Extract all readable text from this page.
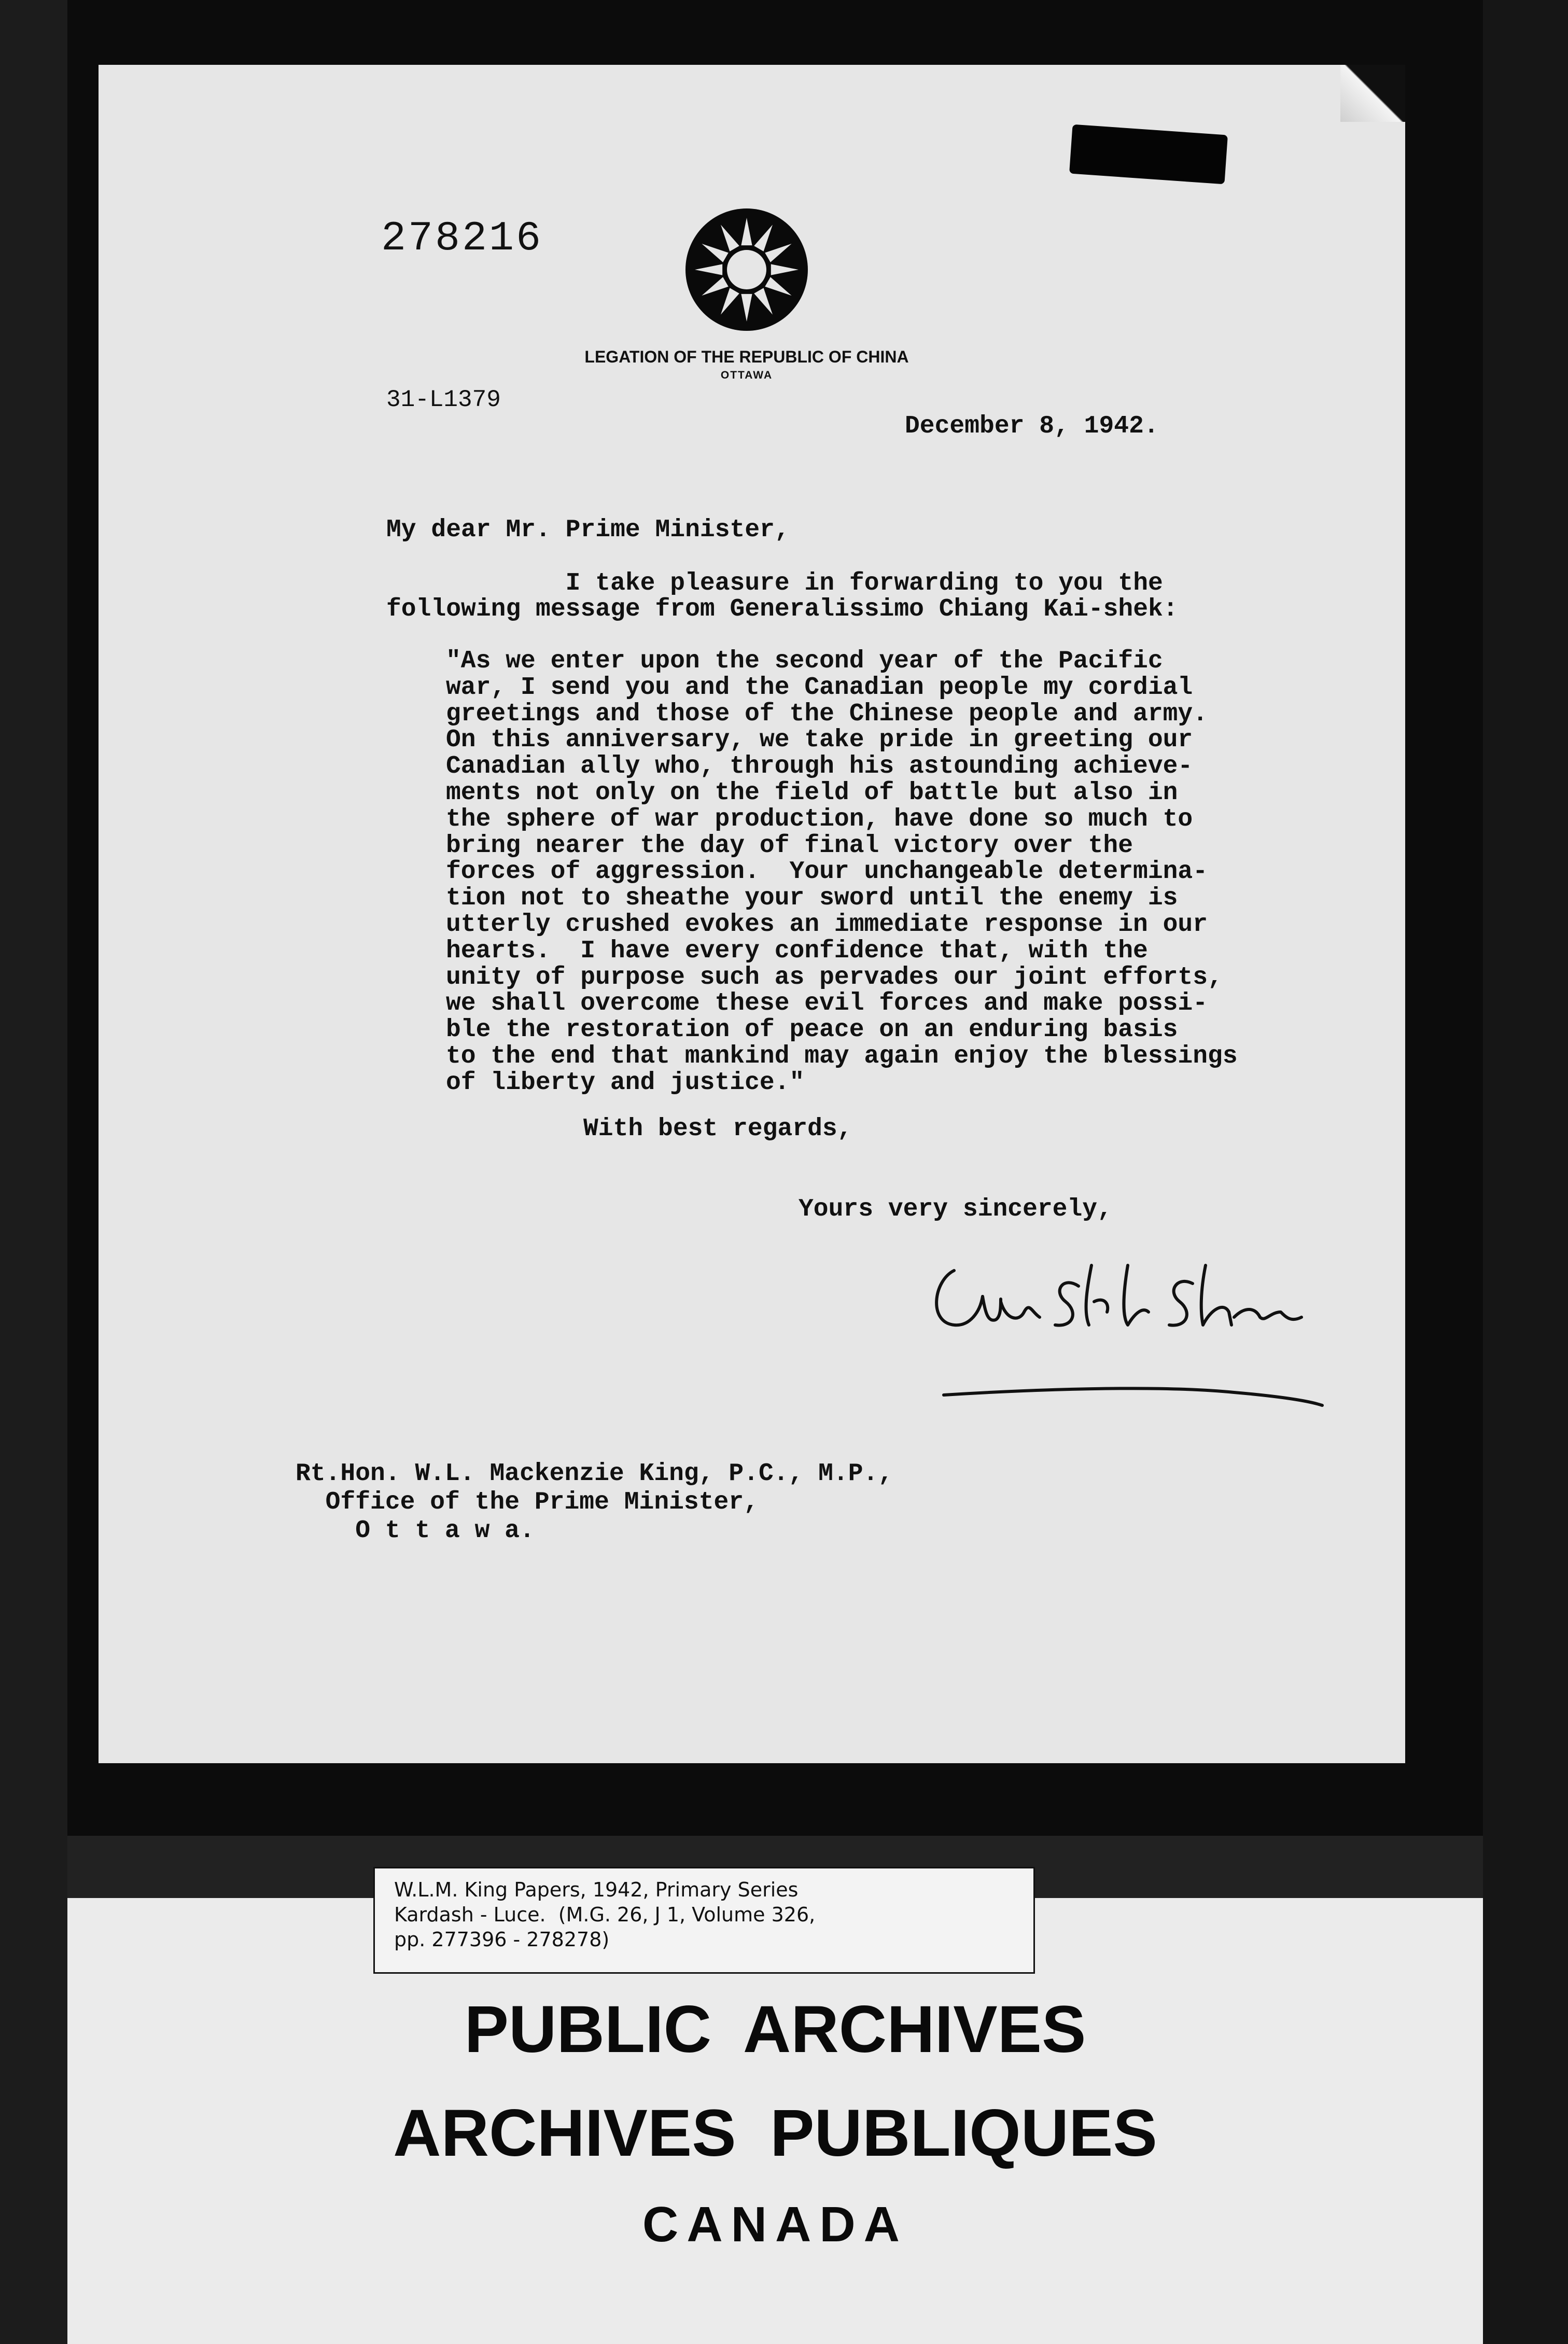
278216
LEGATION OF THE REPUBLIC OF CHINA
OTTAWA
31-L1379
December 8, 1942.
My dear Mr. Prime Minister,
I take pleasure in forwarding to you the
following message from Generalissimo Chiang Kai-shek:
"As we enter upon the second year of the Pacific
war, I send you and the Canadian people my cordial
greetings and those of the Chinese people and army.
On this anniversary, we take pride in greeting our
Canadian ally who, through his astounding achieve-
ments not only on the field of battle but also in
the sphere of war production, have done so much to
bring nearer the day of final victory over the
forces of aggression.  Your unchangeable determina-
tion not to sheathe your sword until the enemy is
utterly crushed evokes an immediate response in our
hearts.  I have every confidence that, with the
unity of purpose such as pervades our joint efforts,
we shall overcome these evil forces and make possi-
ble the restoration of peace on an enduring basis
to the end that mankind may again enjoy the blessings
of liberty and justice."
With best regards,
Yours very sincerely,
Rt.Hon. W.L. Mackenzie King, P.C., M.P.,
Office of the Prime Minister,
O t t a w a.
W.L.M. King Papers, 1942, Primary Series
Kardash - Luce.  (M.G. 26, J 1, Volume 326,
pp. 277396 - 278278)
PUBLIC ARCHIVES
ARCHIVES PUBLIQUES
CANADA
